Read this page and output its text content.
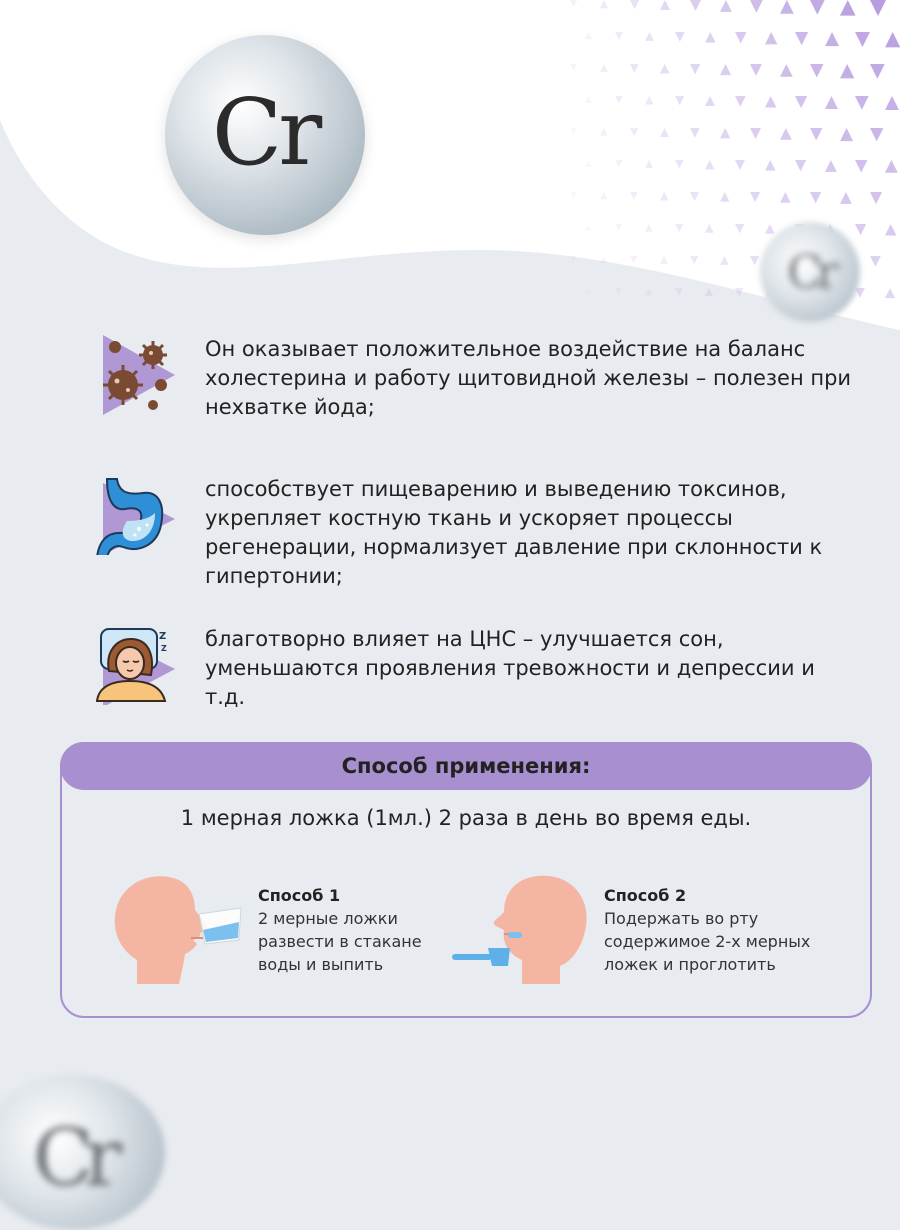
Cr
Cr
Cr
Он оказывает положительное воздействие на баланс холестерина и работу щитовидной железы – полезен при нехватке йода;
способствует пищеварению и выведению токсинов, укрепляет костную ткань и ускоряет процессы регенерации, нормализует давление при склонности к гипертонии;
Z
Z благотворно влияет на ЦНС – улучшается сон, уменьшаются проявления тревожности и депрессии и т.д.
Способ применения:
1 мерная ложка (1мл.) 2 раза в день во время еды.
Способ 1
2 мерные ложки
развести в стакане
воды и выпить
Способ 2
Подержать во рту
содержимое 2-х мерных
ложек и проглотить
